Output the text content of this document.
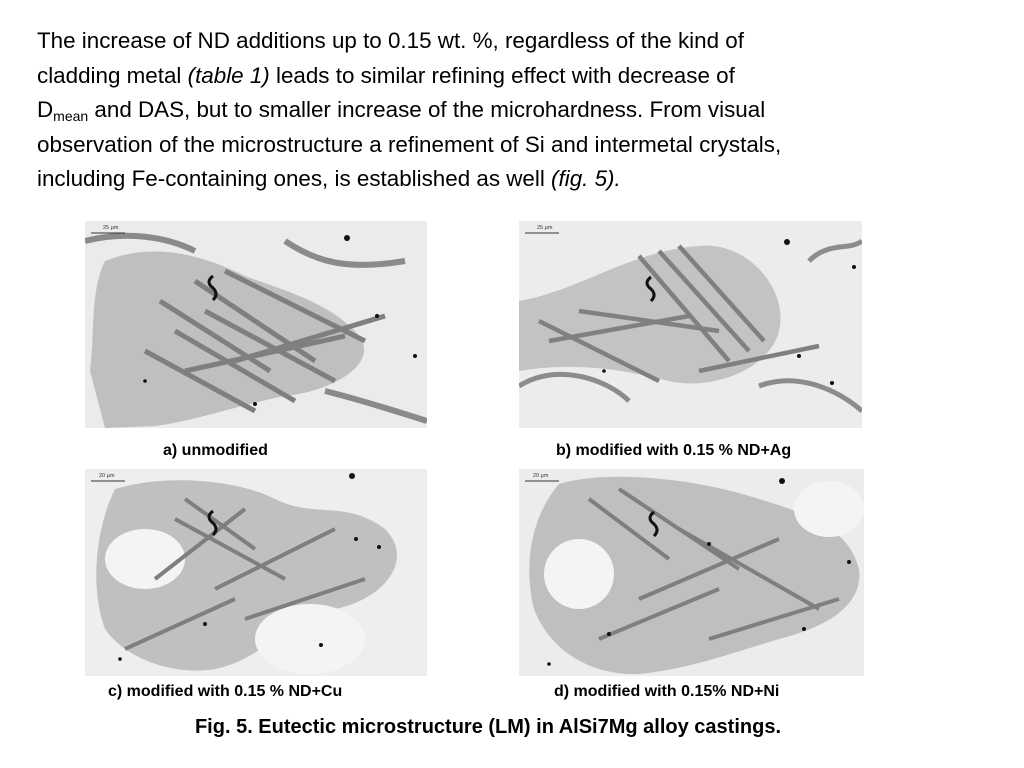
The increase of ND additions up to 0.15 wt. %, regardless of the kind of
cladding metal (table 1) leads to similar refining effect with decrease of
$D_{mean}$ and DAS, but to smaller increase of the microhardness. From visual
observation of the microstructure a refinement of Si and intermetal crystals,
including Fe-containing ones, is established as well (fig. 5).

25 µm	25 µm
a) unmodified	b) modified with 0.15 % ND+Ag
20 µm	20 µm
c) modified with 0.15 % ND+Cu	d) modified with 0.15% ND+Ni
Fig. 5. Eutectic microstructure (LM) in AlSi7Mg alloy castings.
